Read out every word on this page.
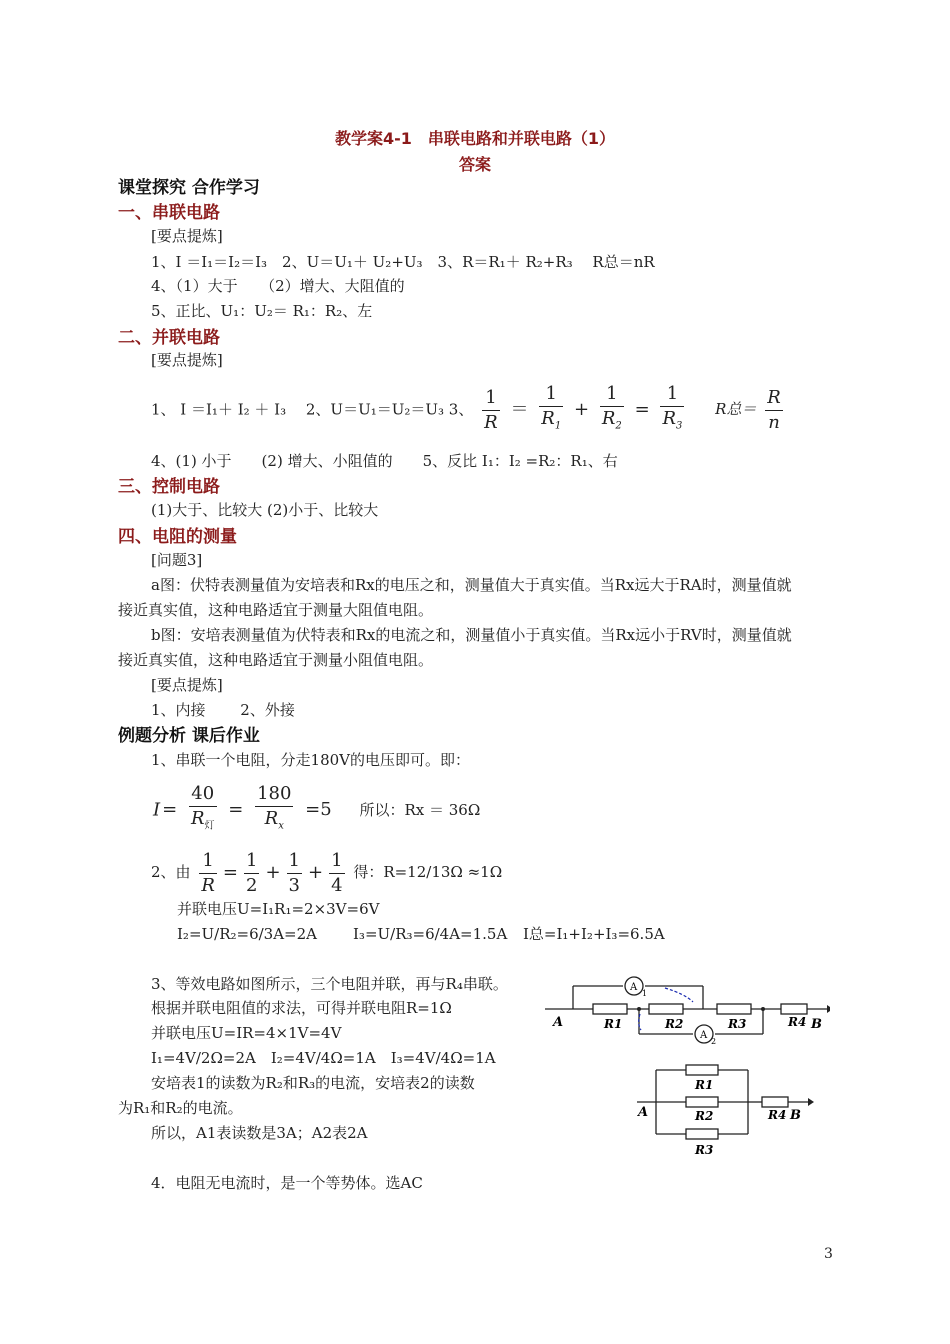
教学案4-1　串联电路和并联电路（1）
答案
课堂探究 合作学习
一、串联电路
[要点提炼]
1、I ＝I₁＝I₂＝I₃　2、U＝U₁＋ U₂+U₃　3、R＝R₁＋ R₂+R₃　 R总＝nR
4、（1）大于　　（2）增大、大阻值的
5、正比、U₁：U₂＝ R₁：R₂、左
二、并联电路
[要点提炼]
1、 I ＝I₁＋ I₂ ＋ I₃　 2、U＝U₁＝U₂＝U₃ 3、 $\frac{1}{R} = \frac{1}{R_1} + \frac{1}{R_2} = \frac{1}{R_3}$ R总＝ $\frac{R}{n}$
4、(1) 小于　　(2) 增大、小阻值的　　5、反比 I₁：I₂ =R₂：R₁、右
三、控制电路
(1)大于、比较大 (2)小于、比较大
四、电阻的测量
[问题3]
a图：伏特表测量值为安培表和Rx的电压之和，测量值大于真实值。当Rx远大于RA时，测量值就
接近真实值，这种电路适宜于测量大阻值电阻。
b图：安培表测量值为伏特表和Rx的电流之和，测量值小于真实值。当Rx远小于RV时，测量值就
接近真实值，这种电路适宜于测量小阻值电阻。
[要点提炼]
1、内接　　 2、外接
例题分析 课后作业
1、串联一个电阻，分走180V的电压即可。即：
$I = \frac{40}{R_灯} = \frac{180}{R_x} =5$ 所以：Rx ＝ 36Ω
2、由 $\frac{1}{R} = \frac{1}{2} + \frac{1}{3} + \frac{1}{4}$ 得：R=12/13Ω ≈1Ω
并联电压U=I₁R₁=2×3V=6V
I₂=U/R₂=6/3A=2A I₃=U/R₃=6/4A=1.5A I总=I₁+I₂+I₃=6.5A
3、等效电路如图所示，三个电阻并联，再与R₄串联。
根据并联电阻值的求法，可得并联电阻R=1Ω
并联电压U=IR=4×1V=4V
I₁=4V/2Ω=2A　I₂=4V/4Ω=1A　I₃=4V/4Ω=1A
安培表1的读数为R₂和R₃的电流，安培表2的读数
为R₁和R₂的电流。
所以，A1表读数是3A；A2表2A
4．电阻无电流时，是一个等势体。选AC
A
1
A
2
A	R1	R2	R3	R4 B
A
R1
R2
R3
R4 B
3
